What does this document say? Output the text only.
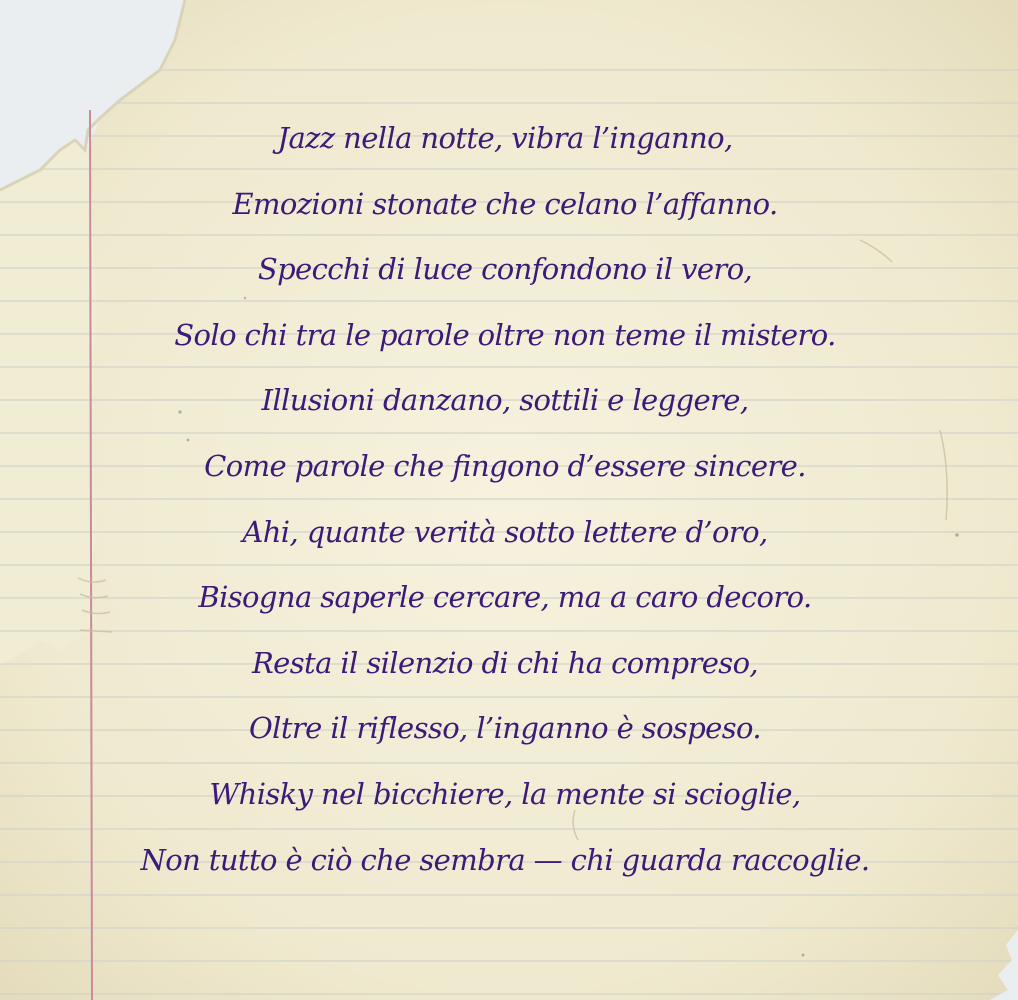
Jazz nella notte, vibra l’inganno,
Emozioni stonate che celano l’affanno.
Specchi di luce confondono il vero,
Solo chi tra le parole oltre non teme il mistero.
Illusioni danzano, sottili e leggere,
Come parole che fingono d’essere sincere.
Ahi, quante verità sotto lettere d’oro,
Bisogna saperle cercare, ma a caro decoro.
Resta il silenzio di chi ha compreso,
Oltre il riflesso, l’inganno è sospeso.
Whisky nel bicchiere, la mente si scioglie,
Non tutto è ciò che sembra — chi guarda raccoglie.
